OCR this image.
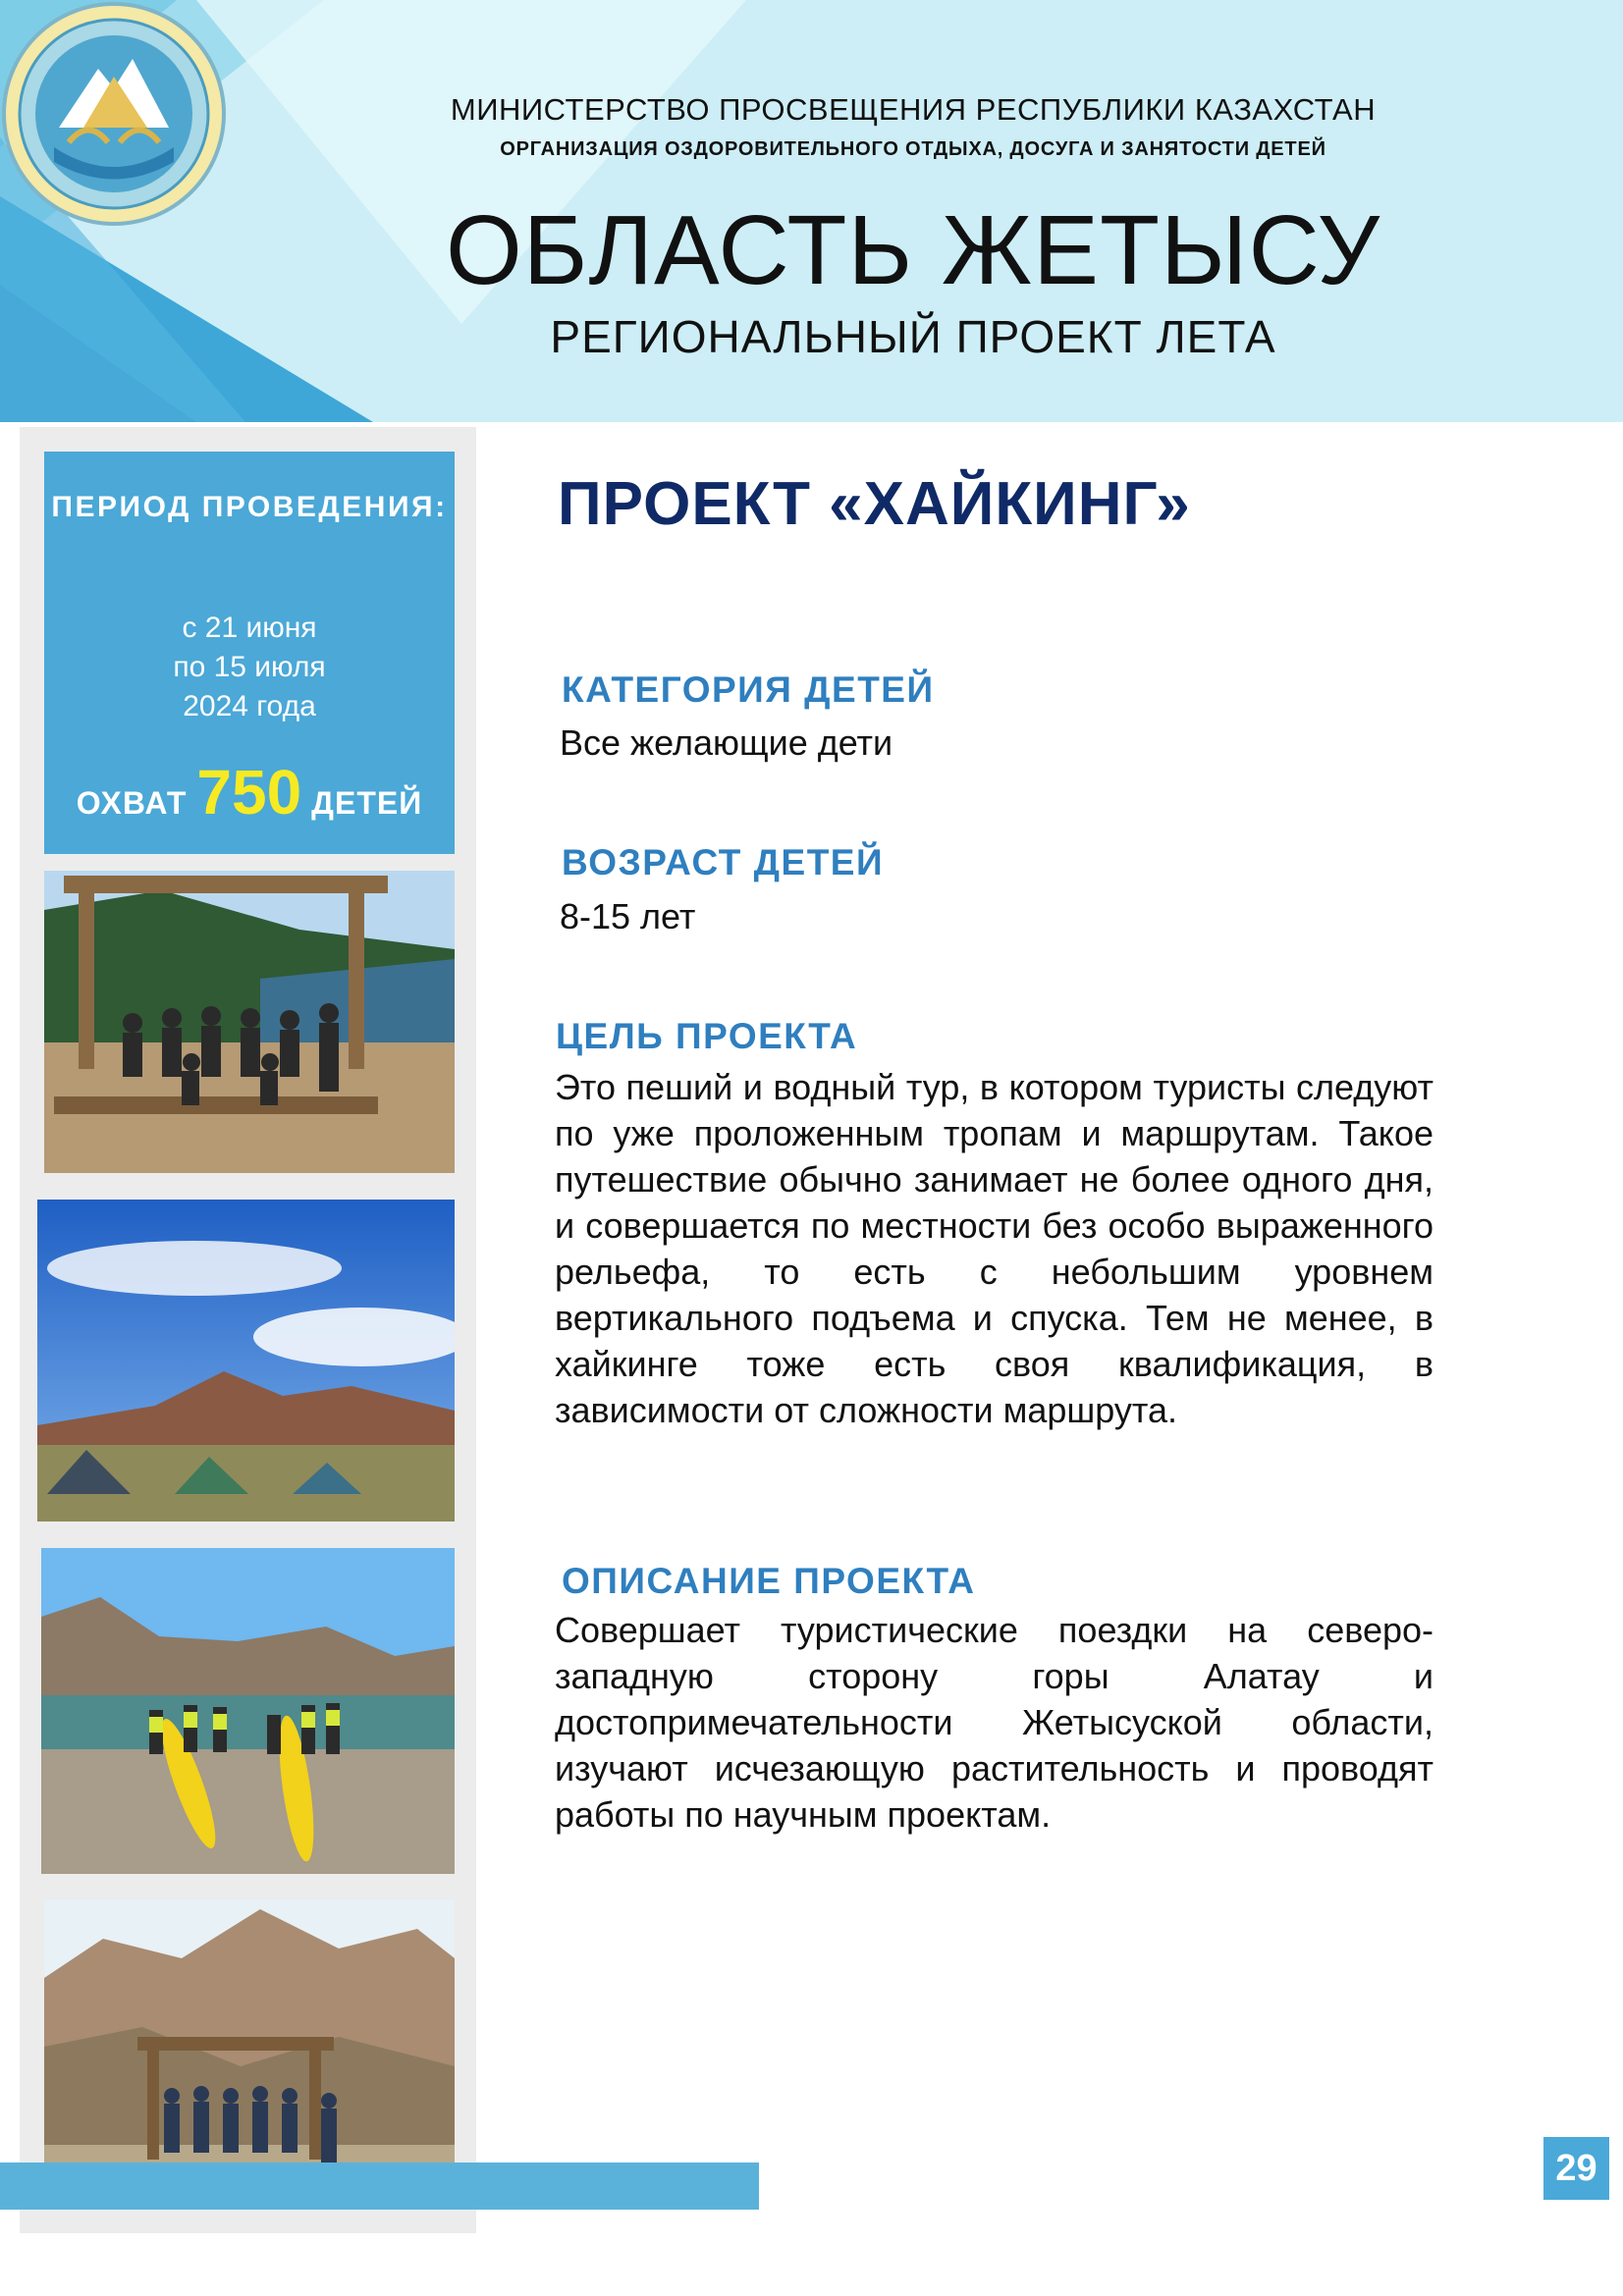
МИНИСТЕРСТВО ПРОСВЕЩЕНИЯ РЕСПУБЛИКИ КАЗАХСТАН
ОРГАНИЗАЦИЯ ОЗДОРОВИТЕЛЬНОГО ОТДЫХА, ДОСУГА И ЗАНЯТОСТИ ДЕТЕЙ
ОБЛАСТЬ ЖЕТЫСУ
РЕГИОНАЛЬНЫЙ ПРОЕКТ ЛЕТА
ПЕРИОД ПРОВЕДЕНИЯ:
с 21 июня
по 15 июля
2024 года
ОХВАТ 750 ДЕТЕЙ
ПРОЕКТ «ХАЙКИНГ»
КАТЕГОРИЯ ДЕТЕЙ
Все желающие дети
ВОЗРАСТ ДЕТЕЙ
8-15 лет
ЦЕЛЬ ПРОЕКТА
Это пеший и водный тур, в котором туристы следуют по уже проложенным тропам и маршрутам. Такое путешествие обычно занимает не более одного дня, и совершается по местности без особо выраженного рельефа, то есть с небольшим уровнем вертикального подъема и спуска. Тем не менее, в хайкинге тоже есть своя квалификация, в зависимости от сложности маршрута.
ОПИСАНИЕ ПРОЕКТА
Совершает туристические поездки на северо-западную сторону горы Алатау и достопримечательности Жетысуской области, изучают исчезающую растительность и проводят работы по научным проектам.
29
